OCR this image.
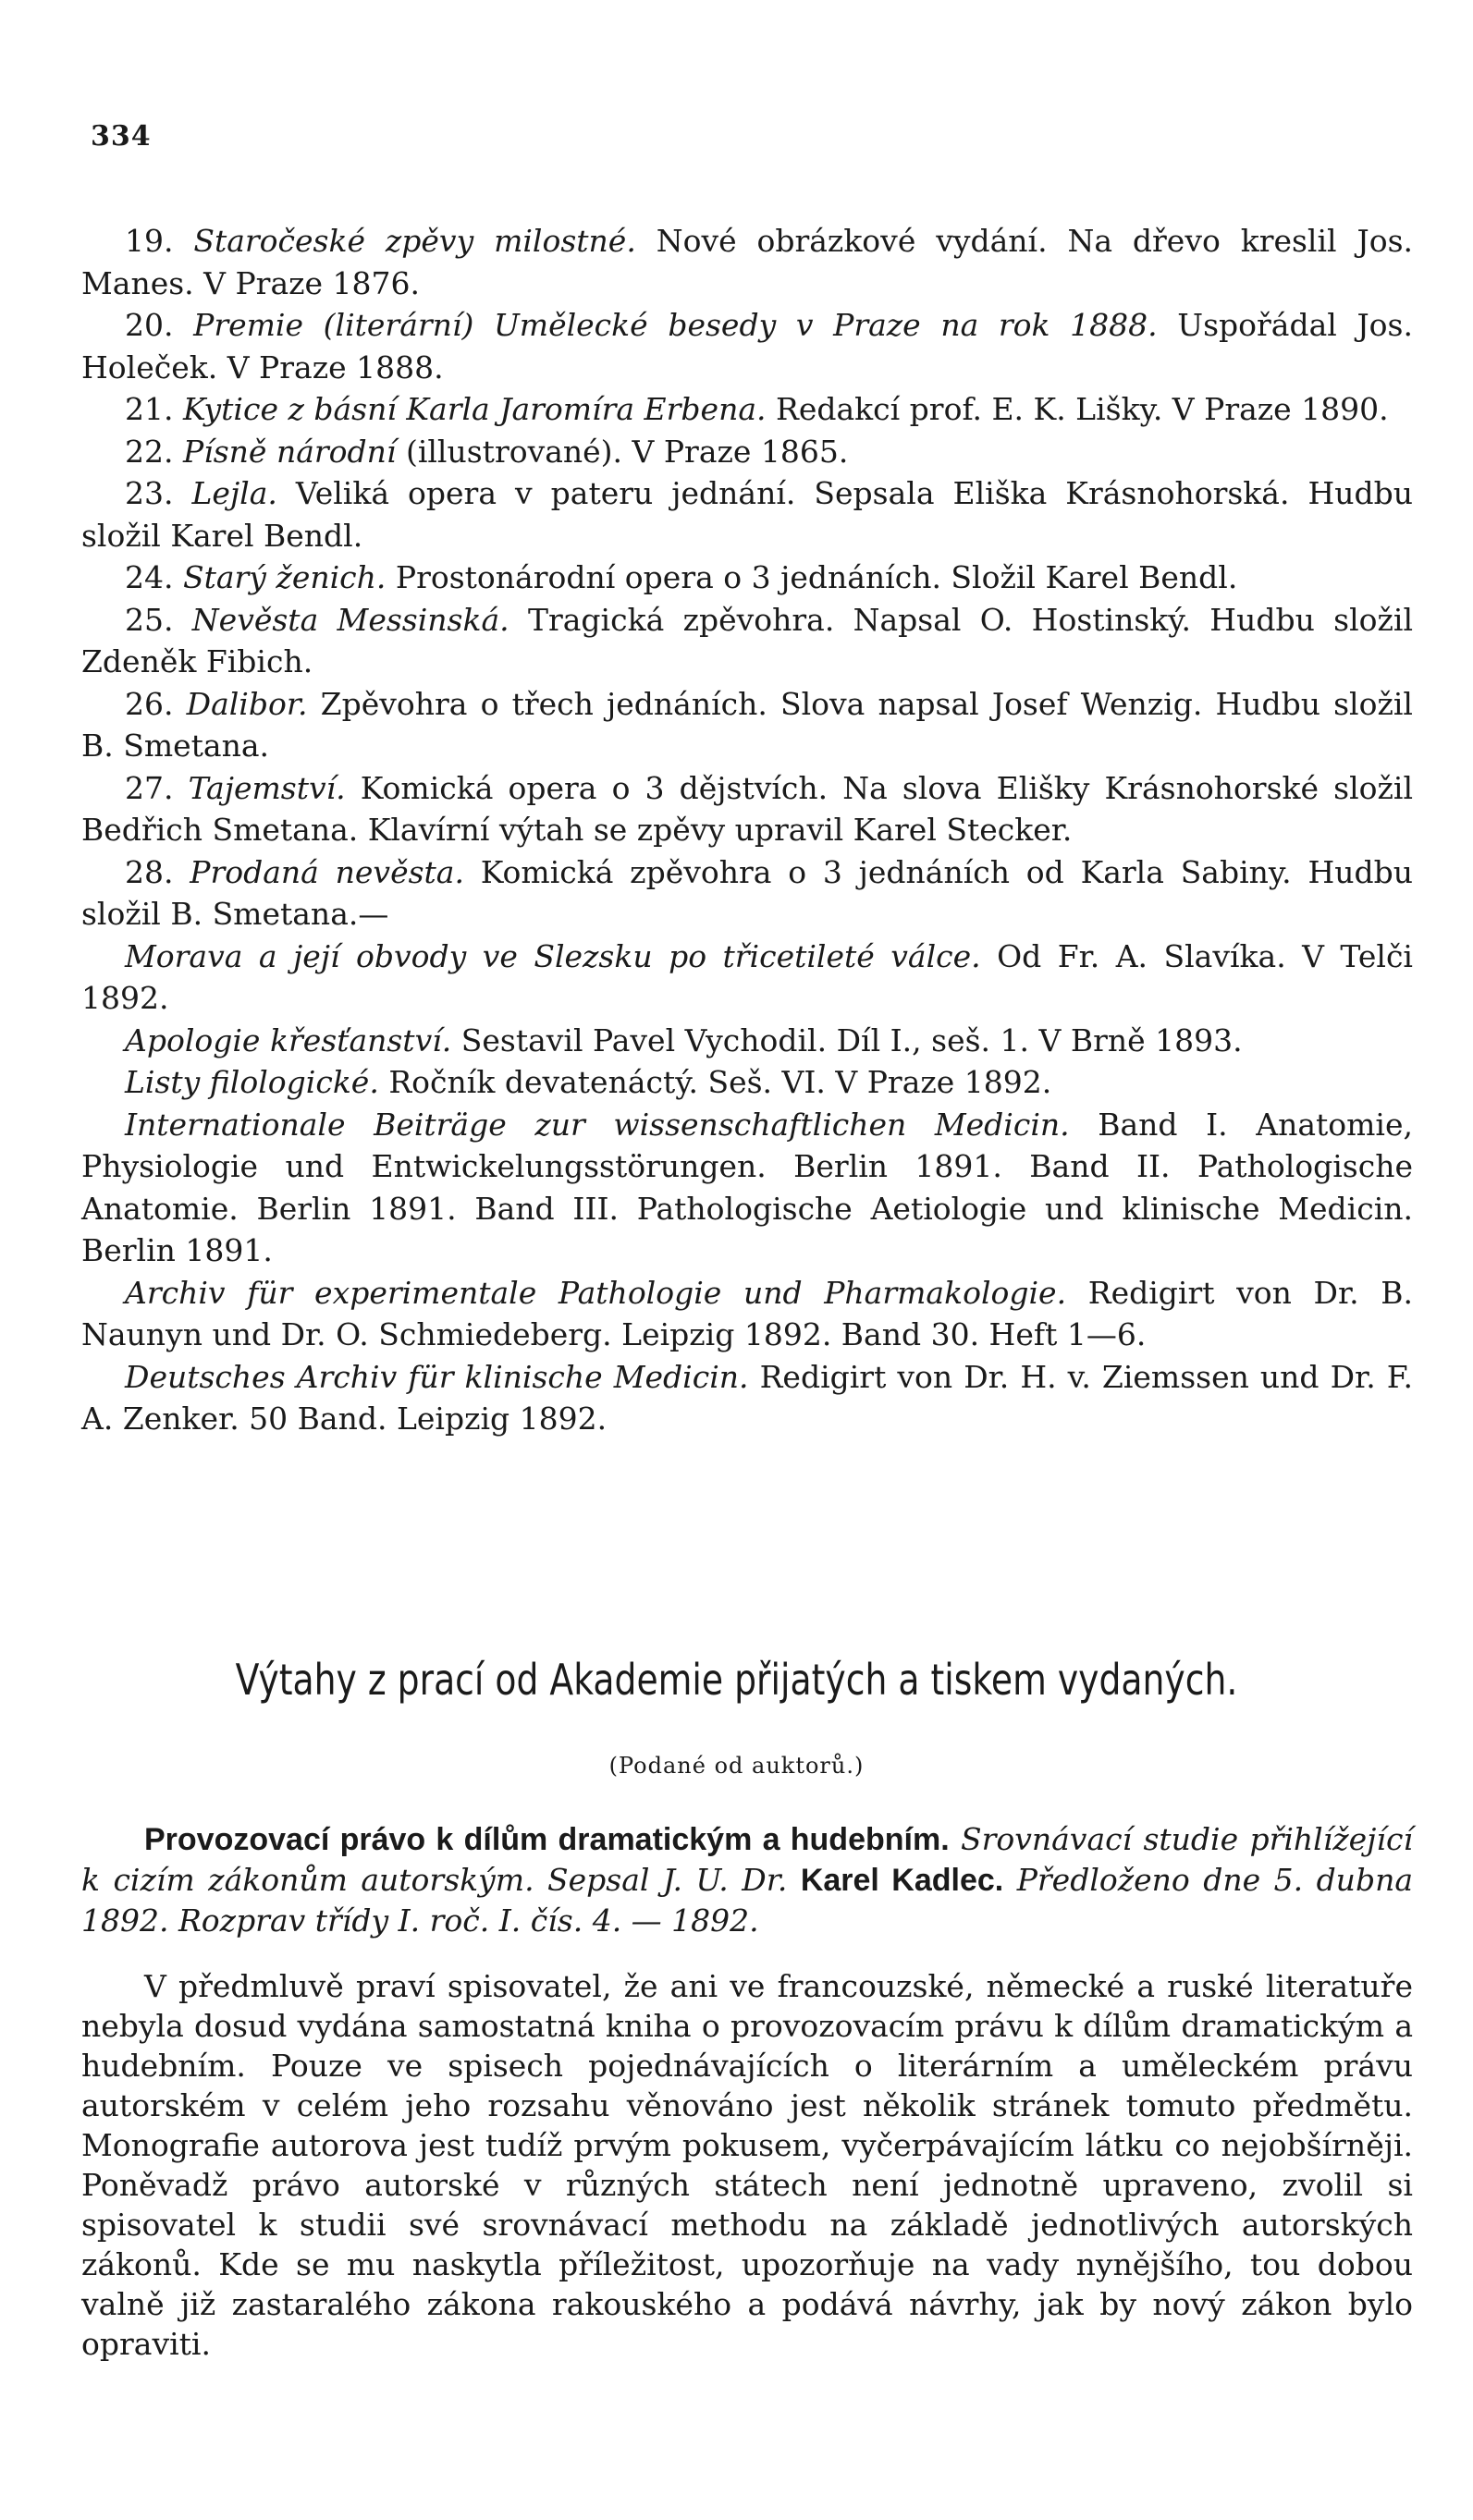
334

19. Staročeské zpěvy milostné. Nové obrázkové vydání. Na dřevo kreslil Jos. Manes. V Praze 1876.

20. Premie (literární) Umělecké besedy v Praze na rok 1888. Uspořádal Jos. Holeček. V Praze 1888.

21. Kytice z básní Karla Jaromíra Erbena. Redakcí prof. E. K. Lišky. V Praze 1890.

22. Písně národní (illustrované). V Praze 1865.

23. Lejla. Veliká opera v pateru jednání. Sepsala Eliška Krásnohorská. Hudbu složil Karel Bendl.

24. Starý ženich. Prostonárodní opera o 3 jednáních. Složil Karel Bendl.

25. Nevěsta Messinská. Tragická zpěvohra. Napsal O. Hostinský. Hudbu složil Zdeněk Fibich.

26. Dalibor. Zpěvohra o třech jednáních. Slova napsal Josef Wenzig. Hudbu složil B. Smetana.

27. Tajemství. Komická opera o 3 dějstvích. Na slova Elišky Krásnohorské složil Bedřich Smetana. Klavírní výtah se zpěvy upravil Karel Stecker.

28. Prodaná nevěsta. Komická zpěvohra o 3 jednáních od Karla Sabiny. Hudbu složil B. Smetana.—

Morava a její obvody ve Slezsku po třicetileté válce. Od Fr. A. Slavíka. V Telči 1892.

Apologie křesťanství. Sestavil Pavel Vychodil. Díl I., seš. 1. V Brně 1893.

Listy filologické. Ročník devatenáctý. Seš. VI. V Praze 1892.

Internationale Beiträge zur wissenschaftlichen Medicin. Band I. Anatomie, Physiologie und Entwickelungsstörungen. Berlin 1891. Band II. Pathologische Anatomie. Berlin 1891. Band III. Pathologische Aetiologie und klinische Medicin. Berlin 1891.

Archiv für experimentale Pathologie und Pharmakologie. Redigirt von Dr. B. Naunyn und Dr. O. Schmiedeberg. Leipzig 1892. Band 30. Heft 1—6.

Deutsches Archiv für klinische Medicin. Redigirt von Dr. H. v. Ziemssen und Dr. F. A. Zenker. 50 Band. Leipzig 1892.

Výtahy z prací od Akademie přijatých a tiskem vydaných.
(Podané od auktorů.)

Provozovací právo k dílům dramatickým a hudebním. Srovnávací studie přihlížející k cizím zákonům autorským. Sepsal J. U. Dr. Karel Kadlec. Předloženo dne 5. dubna 1892. Rozprav třídy I. roč. I. čís. 4. — 1892.

V předmluvě praví spisovatel, že ani ve francouzské, německé a ruské literatuře nebyla dosud vydána samostatná kniha o provozovacím právu k dílům dramatickým a hudebním. Pouze ve spisech pojednávajících o literárním a uměleckém právu autorském v celém jeho rozsahu věnováno jest několik stránek tomuto předmětu. Monografie autorova jest tudíž prvým pokusem, vyčerpávajícím látku co nejobšírněji. Poněvadž právo autorské v různých státech není jednotně upraveno, zvolil si spisovatel k studii své srovnávací methodu na základě jednotlivých autorských zákonů. Kde se mu naskytla příležitost, upozorňuje na vady nynějšího, tou dobou valně již zastaralého zákona rakouského a podává návrhy, jak by nový zákon bylo opraviti.
